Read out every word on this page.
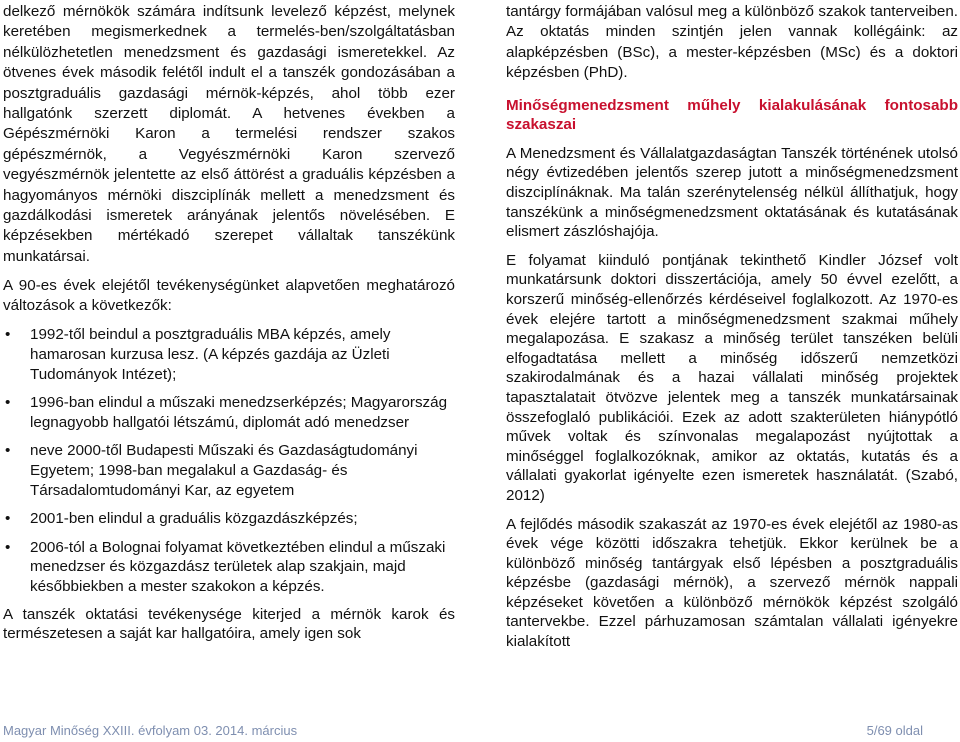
delkező mérnökök számára indítsunk levelező képzést, melynek keretében megismerkednek a termelés-ben/szolgáltatásban nélkülözhetetlen menedzsment és gazdasági ismeretekkel. Az ötvenes évek második felétől indult el a tanszék gondozásában a posztgraduális gazdasági mérnök-képzés, ahol több ezer hallgatónk szerzett diplomát. A hetvenes években a Gépészmérnöki Karon a termelési rendszer szakos gépészmérnök, a Vegyészmérnöki Karon szervező vegyészmérnök jelentette az első áttörést a graduális képzésben a hagyományos mérnöki diszciplínák mellett a menedzsment és gazdálkodási ismeretek arányának jelentős növelésében. E képzésekben mértékadó szerepet vállaltak tanszékünk munkatársai.

A 90-es évek elejétől tevékenységünket alapvetően meghatározó változások a következők:

• 1992-től beindul a posztgraduális MBA képzés, amely hamarosan kurzusa lesz. (A képzés gazdája az Üzleti Tudományok Intézet);
• 1996-ban elindul a műszaki menedzserképzés; Magyarország legnagyobb hallgatói létszámú, diplomát adó menedzser
• neve 2000-től Budapesti Műszaki és Gazdaságtudományi Egyetem; 1998-ban megalakul a Gazdaság- és Társadalomtudományi Kar, az egyetem
• 2001-ben elindul a graduális közgazdászképzés;
• 2006-tól a Bolognai folyamat következtében elindul a műszaki menedzser és közgazdász területek alap szakjain, majd későbbiekben a mester szakokon a képzés.

A tanszék oktatási tevékenysége kiterjed a mérnök karok és természetesen a saját kar hallgatóira, amely igen sok

tantárgy formájában valósul meg a különböző szakok tanterveiben. Az oktatás minden szintjén jelen vannak kollégáink: az alapképzésben (BSc), a mester-képzésben (MSc) és a doktori képzésben (PhD).

Minőségmenedzsment műhely kialakulásának fontosabb szakaszai

A Menedzsment és Vállalatgazdaságtan Tanszék történének utolsó négy évtizedében jelentős szerep jutott a minőségmenedzsment diszciplínáknak. Ma talán szerénytelenség nélkül állíthatjuk, hogy tanszékünk a minőségmenedzsment oktatásának és kutatásának elismert zászlóshajója.

E folyamat kiinduló pontjának tekinthető Kindler József volt munkatársunk doktori disszertációja, amely 50 évvel ezelőtt, a korszerű minőség-ellenőrzés kérdéseivel foglalkozott. Az 1970-es évek elejére tartott a minőségmenedzsment szakmai műhely megalapozása. E szakasz a minőség terület tanszéken belüli elfogadtatása mellett a minőség időszerű nemzetközi szakirodalmának és a hazai vállalati minőség projektek tapasztalatait ötvözve jelentek meg a tanszék munkatársainak összefoglaló publikációi. Ezek az adott szakterületen hiánypótló művek voltak és színvonalas megalapozást nyújtottak a minőséggel foglalkozóknak, amikor az oktatás, kutatás és a vállalati gyakorlat igényelte ezen ismeretek használatát. (Szabó, 2012)

A fejlődés második szakaszát az 1970-es évek elejétől az 1980-as évek vége közötti időszakra tehetjük. Ekkor kerülnek be a különböző minőség tantárgyak első lépésben a posztgraduális képzésbe (gazdasági mérnök), a szervező mérnök nappali képzéseket követően a különböző mérnökök képzést szolgáló tantervekbe. Ezzel párhuzamosan számtalan vállalati igényekre kialakított

Magyar Minőség XXIII. évfolyam 03. 2014. március	5/69 oldal
